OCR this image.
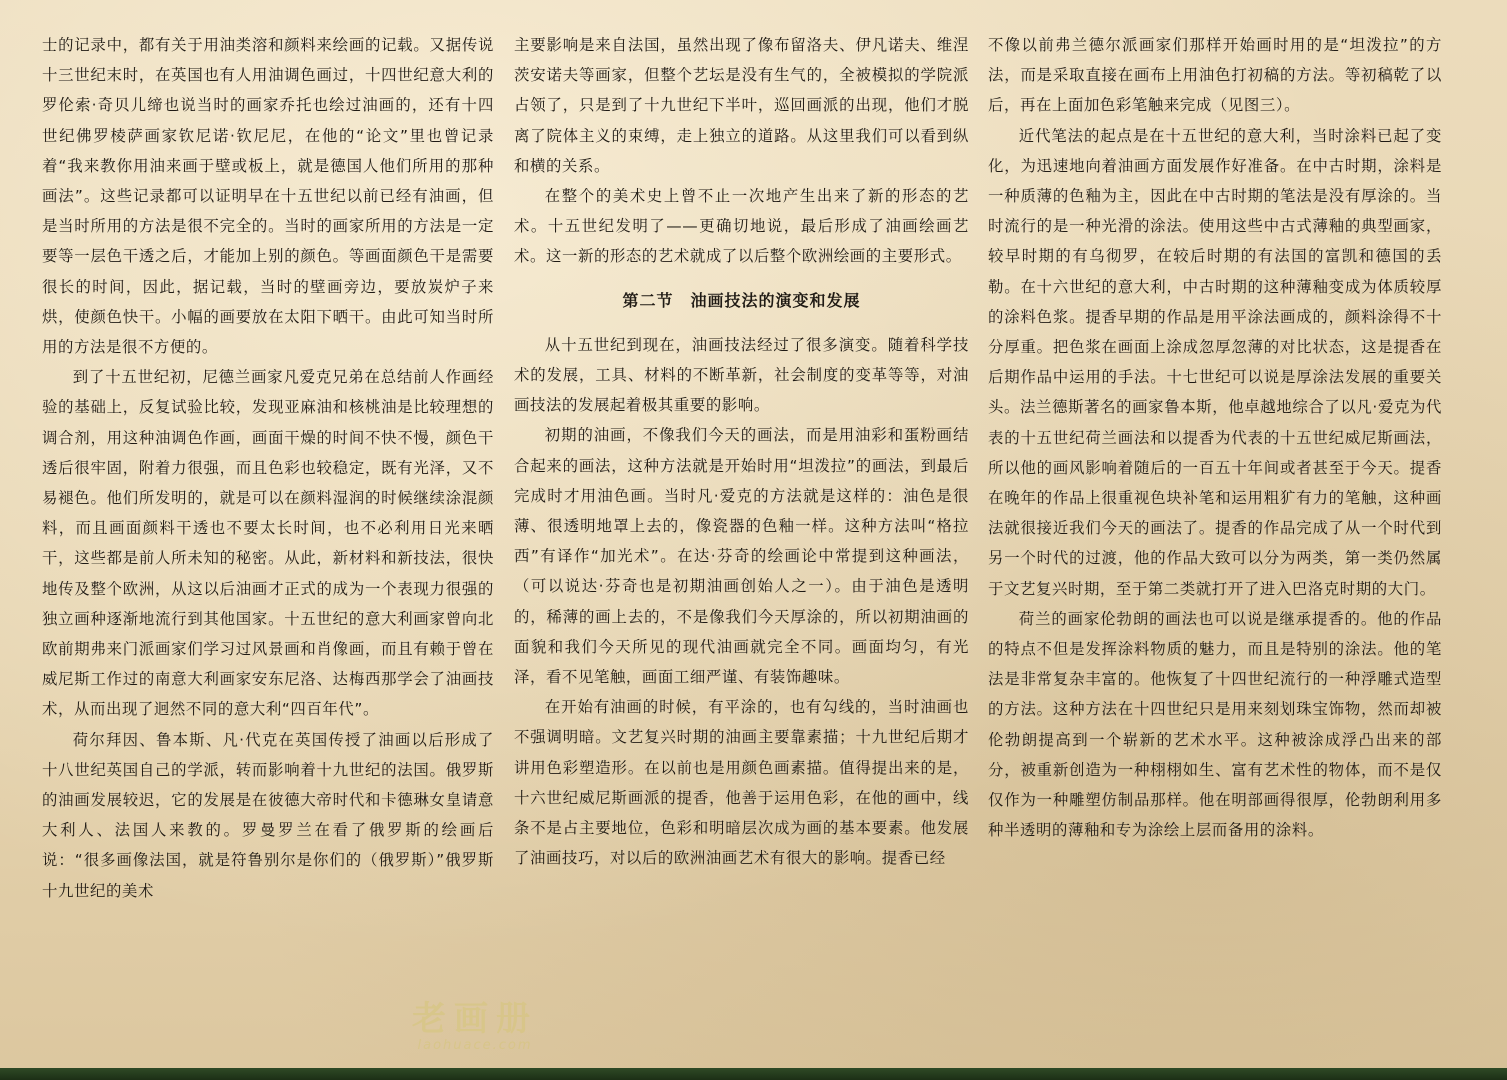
士的记录中，都有关于用油类溶和颜料来绘画的记载。又据传说十三世纪末时，在英国也有人用油调色画过，十四世纪意大利的罗伦索·奇贝儿缔也说当时的画家乔托也绘过油画的，还有十四世纪佛罗棱萨画家钦尼诺·钦尼尼，在他的“论文”里也曾记录着“我来教你用油来画于壁或板上，就是德国人他们所用的那种画法”。这些记录都可以证明早在十五世纪以前已经有油画，但是当时所用的方法是很不完全的。当时的画家所用的方法是一定要等一层色干透之后，才能加上别的颜色。等画面颜色干是需要很长的时间，因此，据记载，当时的壁画旁边，要放炭炉子来烘，使颜色快干。小幅的画要放在太阳下晒干。由此可知当时所用的方法是很不方便的。

到了十五世纪初，尼德兰画家凡爱克兄弟在总结前人作画经验的基础上，反复试验比较，发现亚麻油和核桃油是比较理想的调合剂，用这种油调色作画，画面干燥的时间不快不慢，颜色干透后很牢固，附着力很强，而且色彩也较稳定，既有光泽，又不易褪色。他们所发明的，就是可以在颜料湿润的时候继续涂混颜料，而且画面颜料干透也不要太长时间，也不必利用日光来晒干，这些都是前人所未知的秘密。从此，新材料和新技法，很快地传及整个欧洲，从这以后油画才正式的成为一个表现力很强的独立画种逐渐地流行到其他国家。十五世纪的意大利画家曾向北欧前期弗来门派画家们学习过风景画和肖像画，而且有赖于曾在威尼斯工作过的南意大利画家安东尼洛、达梅西那学会了油画技术，从而出现了迥然不同的意大利“四百年代”。

荷尔拜因、鲁本斯、凡·代克在英国传授了油画以后形成了十八世纪英国自己的学派，转而影响着十九世纪的法国。俄罗斯的油画发展较迟，它的发展是在彼德大帝时代和卡德琳女皇请意大利人、法国人来教的。罗曼罗兰在看了俄罗斯的绘画后说：“很多画像法国，就是符鲁别尔是你们的（俄罗斯）”俄罗斯十九世纪的美术

主要影响是来自法国，虽然出现了像布留洛夫、伊凡诺夫、维涅茨安诺夫等画家，但整个艺坛是没有生气的，全被模拟的学院派占领了，只是到了十九世纪下半叶，巡回画派的出现，他们才脱离了院体主义的束缚，走上独立的道路。从这里我们可以看到纵和横的关系。

在整个的美术史上曾不止一次地产生出来了新的形态的艺术。十五世纪发明了——更确切地说，最后形成了油画绘画艺术。这一新的形态的艺术就成了以后整个欧洲绘画的主要形式。

第二节　油画技法的演变和发展

从十五世纪到现在，油画技法经过了很多演变。随着科学技术的发展，工具、材料的不断革新，社会制度的变革等等，对油画技法的发展起着极其重要的影响。

初期的油画，不像我们今天的画法，而是用油彩和蛋粉画结合起来的画法，这种方法就是开始时用“坦泼拉”的画法，到最后完成时才用油色画。当时凡·爱克的方法就是这样的：油色是很薄、很透明地罩上去的，像瓷器的色釉一样。这种方法叫“格拉西”有译作“加光术”。在达·芬奇的绘画论中常提到这种画法，（可以说达·芬奇也是初期油画创始人之一）。由于油色是透明的，稀薄的画上去的，不是像我们今天厚涂的，所以初期油画的面貌和我们今天所见的现代油画就完全不同。画面均匀，有光泽，看不见笔触，画面工细严谨、有装饰趣味。

在开始有油画的时候，有平涂的，也有勾线的，当时油画也不强调明暗。文艺复兴时期的油画主要靠素描；十九世纪后期才讲用色彩塑造形。在以前也是用颜色画素描。值得提出来的是，十六世纪威尼斯画派的提香，他善于运用色彩，在他的画中，线条不是占主要地位，色彩和明暗层次成为画的基本要素。他发展了油画技巧，对以后的欧洲油画艺术有很大的影响。提香已经

不像以前弗兰德尔派画家们那样开始画时用的是“坦泼拉”的方法，而是采取直接在画布上用油色打初稿的方法。等初稿乾了以后，再在上面加色彩笔触来完成（见图三）。

近代笔法的起点是在十五世纪的意大利，当时涂料已起了变化，为迅速地向着油画方面发展作好准备。在中古时期，涂料是一种质薄的色釉为主，因此在中古时期的笔法是没有厚涂的。当时流行的是一种光滑的涂法。使用这些中古式薄釉的典型画家，较早时期的有乌彻罗，在较后时期的有法国的富凯和德国的丢勒。在十六世纪的意大利，中古时期的这种薄釉变成为体质较厚的涂料色浆。提香早期的作品是用平涂法画成的，颜料涂得不十分厚重。把色浆在画面上涂成忽厚忽薄的对比状态，这是提香在后期作品中运用的手法。十七世纪可以说是厚涂法发展的重要关头。法兰德斯著名的画家鲁本斯，他卓越地综合了以凡·爱克为代表的十五世纪荷兰画法和以提香为代表的十五世纪威尼斯画法，所以他的画风影响着随后的一百五十年间或者甚至于今天。提香在晚年的作品上很重视色块补笔和运用粗犷有力的笔触，这种画法就很接近我们今天的画法了。提香的作品完成了从一个时代到另一个时代的过渡，他的作品大致可以分为两类，第一类仍然属于文艺复兴时期，至于第二类就打开了进入巴洛克时期的大门。

荷兰的画家伦勃朗的画法也可以说是继承提香的。他的作品的特点不但是发挥涂料物质的魅力，而且是特别的涂法。他的笔法是非常复杂丰富的。他恢复了十四世纪流行的一种浮雕式造型的方法。这种方法在十四世纪只是用来刻划珠宝饰物，然而却被伦勃朗提高到一个崭新的艺术水平。这种被涂成浮凸出来的部分，被重新创造为一种栩栩如生、富有艺术性的物体，而不是仅仅作为一种雕塑仿制品那样。他在明部画得很厚，伦勃朗利用多种半透明的薄釉和专为涂绘上层而备用的涂料。

老画册
laohuace.com
